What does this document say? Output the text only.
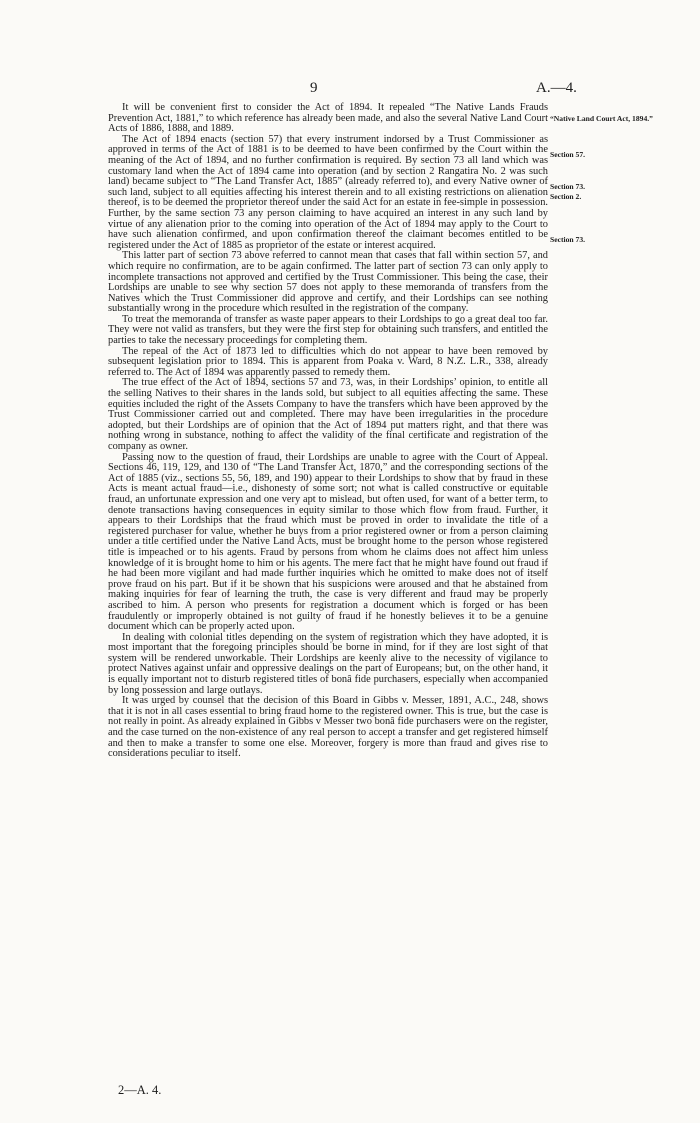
9	A.—4.
“Native Land Court Act, 1894.”
Section 57.
Section 73.
Section 2.
Section 73.

It will be convenient first to consider the Act of 1894. It repealed “The Native Lands Frauds Prevention Act, 1881,” to which reference has already been made, and also the several Native Land Court Acts of 1886, 1888, and 1889.

The Act of 1894 enacts (section 57) that every instrument indorsed by a Trust Commissioner as approved in terms of the Act of 1881 is to be deemed to have been confirmed by the Court within the meaning of the Act of 1894, and no further confirmation is required. By section 73 all land which was customary land when the Act of 1894 came into operation (and by section 2 Rangatira No. 2 was such land) became subject to “The Land Transfer Act, 1885” (already referred to), and every Native owner of such land, subject to all equities affecting his interest therein and to all existing restrictions on alienation thereof, is to be deemed the proprietor thereof under the said Act for an estate in fee-simple in possession. Further, by the same section 73 any person claiming to have acquired an interest in any such land by virtue of any alienation prior to the coming into operation of the Act of 1894 may apply to the Court to have such alienation confirmed, and upon confirmation thereof the claimant becomes entitled to be registered under the Act of 1885 as proprietor of the estate or interest acquired.

This latter part of section 73 above referred to cannot mean that cases that fall within section 57, and which require no confirmation, are to be again confirmed. The latter part of section 73 can only apply to incomplete transactions not approved and certified by the Trust Commissioner. This being the case, their Lordships are unable to see why section 57 does not apply to these memoranda of transfers from the Natives which the Trust Commissioner did approve and certify, and their Lordships can see nothing substantially wrong in the procedure which resulted in the registration of the company.

To treat the memoranda of transfer as waste paper appears to their Lordships to go a great deal too far. They were not valid as transfers, but they were the first step for obtaining such transfers, and entitled the parties to take the necessary proceedings for completing them.

The repeal of the Act of 1873 led to difficulties which do not appear to have been removed by subsequent legislation prior to 1894. This is apparent from Poaka v. Ward, 8 N.Z. L.R., 338, already referred to. The Act of 1894 was apparently passed to remedy them.

The true effect of the Act of 1894, sections 57 and 73, was, in their Lordships’ opinion, to entitle all the selling Natives to their shares in the lands sold, but subject to all equities affecting the same. These equities included the right of the Assets Company to have the transfers which have been approved by the Trust Commissioner carried out and completed. There may have been irregularities in the procedure adopted, but their Lordships are of opinion that the Act of 1894 put matters right, and that there was nothing wrong in substance, nothing to affect the validity of the final certificate and registration of the company as owner.

Passing now to the question of fraud, their Lordships are unable to agree with the Court of Appeal. Sections 46, 119, 129, and 130 of “The Land Transfer Act, 1870,” and the corresponding sections of the Act of 1885 (viz., sections 55, 56, 189, and 190) appear to their Lordships to show that by fraud in these Acts is meant actual fraud—i.e., dishonesty of some sort; not what is called constructive or equitable fraud, an unfortunate expression and one very apt to mislead, but often used, for want of a better term, to denote transactions having consequences in equity similar to those which flow from fraud. Further, it appears to their Lordships that the fraud which must be proved in order to invalidate the title of a registered purchaser for value, whether he buys from a prior registered owner or from a person claiming under a title certified under the Native Land Acts, must be brought home to the person whose registered title is impeached or to his agents. Fraud by persons from whom he claims does not affect him unless knowledge of it is brought home to him or his agents. The mere fact that he might have found out fraud if he had been more vigilant and had made further inquiries which he omitted to make does not of itself prove fraud on his part. But if it be shown that his suspicions were aroused and that he abstained from making inquiries for fear of learning the truth, the case is very different and fraud may be properly ascribed to him. A person who presents for registration a document which is forged or has been fraudulently or improperly obtained is not guilty of fraud if he honestly believes it to be a genuine document which can be properly acted upon.

In dealing with colonial titles depending on the system of registration which they have adopted, it is most important that the foregoing principles should be borne in mind, for if they are lost sight of that system will be rendered unworkable. Their Lordships are keenly alive to the necessity of vigilance to protect Natives against unfair and oppressive dealings on the part of Europeans; but, on the other hand, it is equally important not to disturb registered titles of bonâ fide purchasers, especially when accompanied by long possession and large outlays.

It was urged by counsel that the decision of this Board in Gibbs v. Messer, 1891, A.C., 248, shows that it is not in all cases essential to bring fraud home to the registered owner. This is true, but the case is not really in point. As already explained in Gibbs v Messer two bonâ fide purchasers were on the register, and the case turned on the non-existence of any real person to accept a transfer and get registered himself and then to make a transfer to some one else. Moreover, forgery is more than fraud and gives rise to considerations peculiar to itself.

2—A. 4.
